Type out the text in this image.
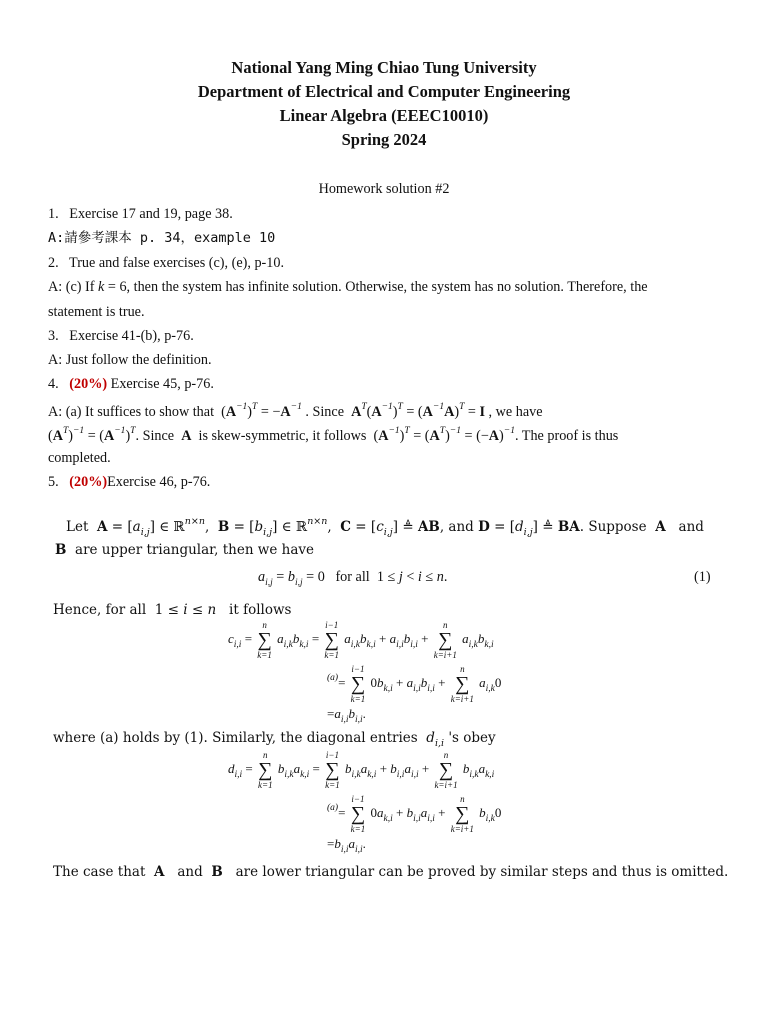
National Yang Ming Chiao Tung University
Department of Electrical and Computer Engineering
Linear Algebra (EEEC10010)
Spring 2024
Homework solution #2
1. Exercise 17 and 19, page 38.
A:請參考課本 p. 34，example 10
2. True and false exercises (c), (e), p-10.
A: (c) If k = 6, then the system has infinite solution. Otherwise, the system has no solution. Therefore, the
statement is true.
3. Exercise 41-(b), p-76.
A: Just follow the definition.
4. (20%) Exercise 45, p-76.
A: (a) It suffices to show that $(A^{-1})^T = -A^{-1}$ . Since $A^T(A^{-1})^T = (A^{-1}A)^T = I$ , we have
$(A^T)^{-1} = (A^{-1})^T$. Since A is skew-symmetric, it follows $(A^{-1})^T = (A^T)^{-1} = (-A)^{-1}$. The proof is thus
completed.
5. (20%)Exercise 46, p-76.
Let $A = [a_{i,j}]$ ∈ ℝ$^{n\times n}$,  $B = [b_{i,j}]$ ∈ ℝ$^{n\times n}$,  $C = [c_{i,j}]$ ≜ AB, and $D = [d_{i,j}]$ ≜ BA. Suppose A and
B are upper triangular, then we have
$a_{i,j} = b_{i,j} = 0$   for all  1 ≤ j < i ≤ n.	(1)
Hence, for all  1 ≤ i ≤ n it follows
$c_{i,i}$ =
n
∑
k=1
$a_{i,k}b_{k,i}$ =
i−1
∑
k=1
$a_{i,k}b_{k,i} + a_{i,i}b_{i,i}$ +
n
∑
k=i+1
$a_{i,k}b_{k,i}$
$^{(a)}$=
i−1
∑
k=1
$0b_{k,i} + a_{i,i}b_{i,i}$ +
n
∑
k=i+1
$a_{i,k}0$
$=a_{i,i}b_{i,i}$.
where (a) holds by (1). Similarly, the diagonal entries $d_{i,i}$ 's obey
$d_{i,i}$ =
n
∑
k=1
$b_{i,k}a_{k,i}$ =
i−1
∑
k=1
$b_{i,k}a_{k,i} + b_{i,i}a_{i,i}$ +
n
∑
k=i+1
$b_{i,k}a_{k,i}$
$^{(a)}$=
i−1
∑
k=1
$0a_{k,i} + b_{i,i}a_{i,i}$ +
n
∑
k=i+1
$b_{i,k}0$
$=b_{i,i}a_{i,i}$.
The case that A and B are lower triangular can be proved by similar steps and thus is omitted.
